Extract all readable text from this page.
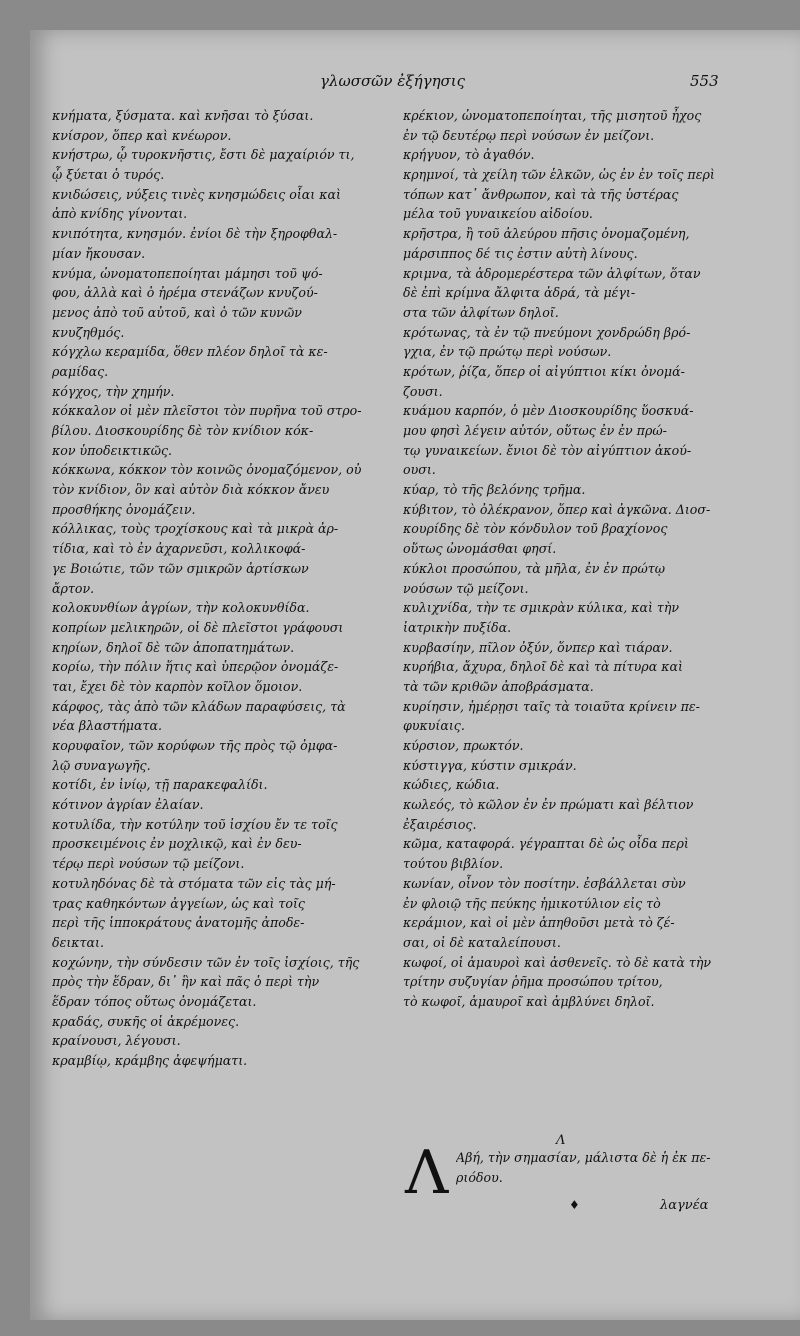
γλωσσῶν ἐξήγησις	553
κνήματα, ξύσματα. καὶ κνῆσαι τὸ ξύσαι.
κνίσρον, ὅπερ καὶ κνέωρον.
κνήστρω, ᾧ τυροκνῆστις, ἔστι δὲ μαχαίριόν τι,
ᾧ ξύεται ὁ τυρός.
κνιδώσεις, νύξεις τινὲς κνησμώδεις οἷαι καὶ
ἀπὸ κνίδης γίνονται.
κνιπότητα, κνησμόν. ἐνίοι δὲ τὴν ξηροφθαλ-
μίαν ἤκουσαν.
κνύμα, ὠνοματοπεποίηται μάμησι τοῦ ψό-
φου, ἀλλὰ καὶ ὁ ἠρέμα στενάζων κνυζού-
μενος ἀπὸ τοῦ αὐτοῦ, καὶ ὁ τῶν κυνῶν
κνυζηθμός.
κόγχλω κεραμίδα, ὅθεν πλέον δηλοῖ τὰ κε-
ραμίδας.
κόγχος, τὴν χημήν.
κόκκαλον οἱ μὲν πλεῖστοι τὸν πυρῆνα τοῦ στρο-
βίλου. Διοσκουρίδης δὲ τὸν κνίδιον κόκ-
κον ὑποδεικτικῶς.
κόκκωνα, κόκκον τὸν κοινῶς ὀνομαζόμενον, οὐ
τὸν κνίδιον, ὃν καὶ αὐτὸν διὰ κόκκον ἄνευ
προσθήκης ὀνομάζειν.
κόλλικας, τοὺς τροχίσκους καὶ τὰ μικρὰ ἀρ-
τίδια, καὶ τὸ ἐν ἀχαρνεῦσι, κολλικοφά-
γε Βοιώτιε, τῶν τῶν σμικρῶν ἀρτίσκων
ἄρτον.
κολοκυνθίων ἀγρίων, τὴν κολοκυνθίδα.
κοπρίων μελικηρῶν, οἱ δὲ πλεῖστοι γράφουσι
κηρίων, δηλοῖ δὲ τῶν ἀποπατημάτων.
κορίω, τὴν πόλιν ἥτις καὶ ὑπερῷον ὀνομάζε-
ται, ἔχει δὲ τὸν καρπὸν κοῖλον ὅμοιον.
κάρφος, τὰς ἀπὸ τῶν κλάδων παραφύσεις, τὰ
νέα βλαστήματα.
κορυφαῖον, τῶν κορύφων τῆς πρὸς τῷ ὀμφα-
λῷ συναγωγῆς.
κοτίδι, ἐν ἰνίῳ, τῇ παρακεφαλίδι.
κότινον ἀγρίαν ἐλαίαν.
κοτυλίδα, τὴν κοτύλην τοῦ ἰσχίου ἔν τε τοῖς
προσκειμένοις ἐν μοχλικῷ, καὶ ἐν δευ-
τέρῳ περὶ νούσων τῷ μείζονι.
κοτυληδόνας δὲ τὰ στόματα τῶν εἰς τὰς μή-
τρας καθηκόντων ἀγγείων, ὡς καὶ τοῖς
περὶ τῆς ἱπποκράτους ἀνατομῆς ἀποδε-
δεικται.
κοχώνην, τὴν σύνδεσιν τῶν ἐν τοῖς ἰσχίοις, τῆς
πρὸς τὴν ἕδραν, δι᾽ ἣν καὶ πᾶς ὁ περὶ τὴν
ἕδραν τόπος οὕτως ὀνομάζεται.
κραδάς, συκῆς οἱ ἀκρέμονες.
κραίνουσι, λέγουσι.
κραμβίῳ, κράμβης ἀφεψήματι.
κρέκιον, ὠνοματοπεποίηται, τῆς μισητοῦ ἦχος
ἐν τῷ δευτέρῳ περὶ νούσων ἐν μείζονι.
κρήγυον, τὸ ἀγαθόν.
κρημνοί, τὰ χείλη τῶν ἑλκῶν, ὡς ἐν ἐν τοῖς περὶ
τόπων κατ᾽ ἄνθρωπον, καὶ τὰ τῆς ὑστέρας
μέλα τοῦ γυναικείου αἰδοίου.
κρῆστρα, ἢ τοῦ ἀλεύρου πῆσις ὀνομαζομένη,
μάρσιππος δέ τις ἐστιν αὐτὴ λίνους.
κριμνα, τὰ ἁδρομερέστερα τῶν ἀλφίτων, ὅταν
δὲ ἐπὶ κρίμνα ἄλφιτα ἁδρά, τὰ μέγι-
στα τῶν ἀλφίτων δηλοῖ.
κρότωνας, τὰ ἐν τῷ πνεύμονι χονδρώδη βρό-
γχια, ἐν τῷ πρώτῳ περὶ νούσων.
κρότων, ῥίζα, ὅπερ οἱ αἰγύπτιοι κίκι ὀνομά-
ζουσι.
κυάμου καρπόν, ὁ μὲν Διοσκουρίδης ὕοσκυά-
μου φησὶ λέγειν αὐτόν, οὕτως ἐν ἐν πρώ-
τῳ γυναικείων. ἔνιοι δὲ τὸν αἰγύπτιον ἀκού-
ουσι.
κύαρ, τὸ τῆς βελόνης τρῆμα.
κύβιτον, τὸ ὀλέκρανον, ὅπερ καὶ ἀγκῶνα. Διοσ-
κουρίδης δὲ τὸν κόνδυλον τοῦ βραχίονος
οὕτως ὠνομάσθαι φησί.
κύκλοι προσώπου, τὰ μῆλα, ἐν ἐν πρώτῳ
νούσων τῷ μείζονι.
κυλιχνίδα, τὴν τε σμικρὰν κύλικα, καὶ τὴν
ἰατρικὴν πυξίδα.
κυρβασίην, πῖλον ὀξύν, ὅνπερ καὶ τιάραν.
κυρήβια, ἄχυρα, δηλοῖ δὲ καὶ τὰ πίτυρα καὶ
τὰ τῶν κριθῶν ἀποβράσματα.
κυρίησιν, ἡμέρῃσι ταῖς τὰ τοιαῦτα κρίνειν πε-
φυκυίαις.
κύρσιον, πρωκτόν.
κύστιγγα, κύστιν σμικράν.
κώδιες, κώδια.
κωλεός, τὸ κῶλον ἐν ἐν πρώματι καὶ βέλτιον
ἐξαιρέσιος.
κῶμα, καταφορά. γέγραπται δὲ ὡς οἶδα περὶ
τούτου βιβλίον.
κωνίαν, οἶνον τὸν ποσίτην. ἐσβάλλεται σὺν
ἐν φλοιῷ τῆς πεύκης ἡμικοτύλιον εἰς τὸ
κεράμιον, καὶ οἱ μὲν ἀπηθοῦσι μετὰ τὸ ζέ-
σαι, οἱ δὲ καταλείπουσι.
κωφοί, οἱ ἀμαυροὶ καὶ ἀσθενεῖς. τὸ δὲ κατὰ τὴν
τρίτην συζυγίαν ῥῆμα προσώπου τρίτου,
τὸ κωφοῖ, ἀμαυροῖ καὶ ἀμβλύνει δηλοῖ.
Λ
Λ Αβή, τὴν σημασίαν, μάλιστα δὲ ἡ ἐκ πε-
ριόδου.
♦	λαγνέα
